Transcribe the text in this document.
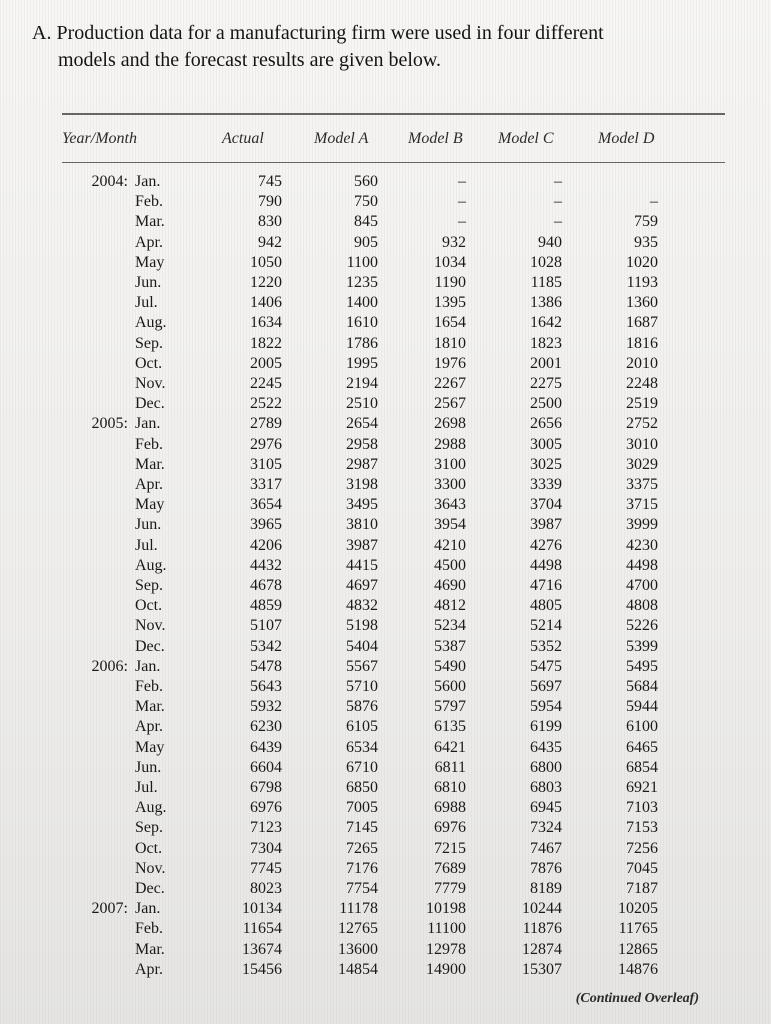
A. Production data for a manufacturing firm were used in four different
models and the forecast results are given below.
Year/Month	Actual	Model A Model B Model C	Model D
2004: Jan.	745	560	–	–
Feb.	790	750	–	–	–
Mar.	830	845	–	–	759
Apr.	942	905	932	940	935
May	1050	1100	1034	1028	1020
Jun.	1220	1235	1190	1185	1193
Jul.	1406	1400	1395	1386	1360
Aug.	1634	1610	1654	1642	1687
Sep.	1822	1786	1810	1823	1816
Oct.	2005	1995	1976	2001	2010
Nov.	2245	2194	2267	2275	2248
Dec.	2522	2510	2567	2500	2519
2005: Jan.	2789	2654	2698	2656	2752
Feb.	2976	2958	2988	3005	3010
Mar.	3105	2987	3100	3025	3029
Apr.	3317	3198	3300	3339	3375
May	3654	3495	3643	3704	3715
Jun.	3965	3810	3954	3987	3999
Jul.	4206	3987	4210	4276	4230
Aug.	4432	4415	4500	4498	4498
Sep.	4678	4697	4690	4716	4700
Oct.	4859	4832	4812	4805	4808
Nov.	5107	5198	5234	5214	5226
Dec.	5342	5404	5387	5352	5399
2006: Jan.	5478	5567	5490	5475	5495
Feb.	5643	5710	5600	5697	5684
Mar.	5932	5876	5797	5954	5944
Apr.	6230	6105	6135	6199	6100
May	6439	6534	6421	6435	6465
Jun.	6604	6710	6811	6800	6854
Jul.	6798	6850	6810	6803	6921
Aug.	6976	7005	6988	6945	7103
Sep.	7123	7145	6976	7324	7153
Oct.	7304	7265	7215	7467	7256
Nov.	7745	7176	7689	7876	7045
Dec.	8023	7754	7779	8189	7187
2007: Jan.	10134	11178	10198	10244	10205
Feb.	11654	12765	11100	11876	11765
Mar.	13674	13600	12978	12874	12865
Apr.	15456	14854	14900	15307	14876
(Continued Overleaf)
